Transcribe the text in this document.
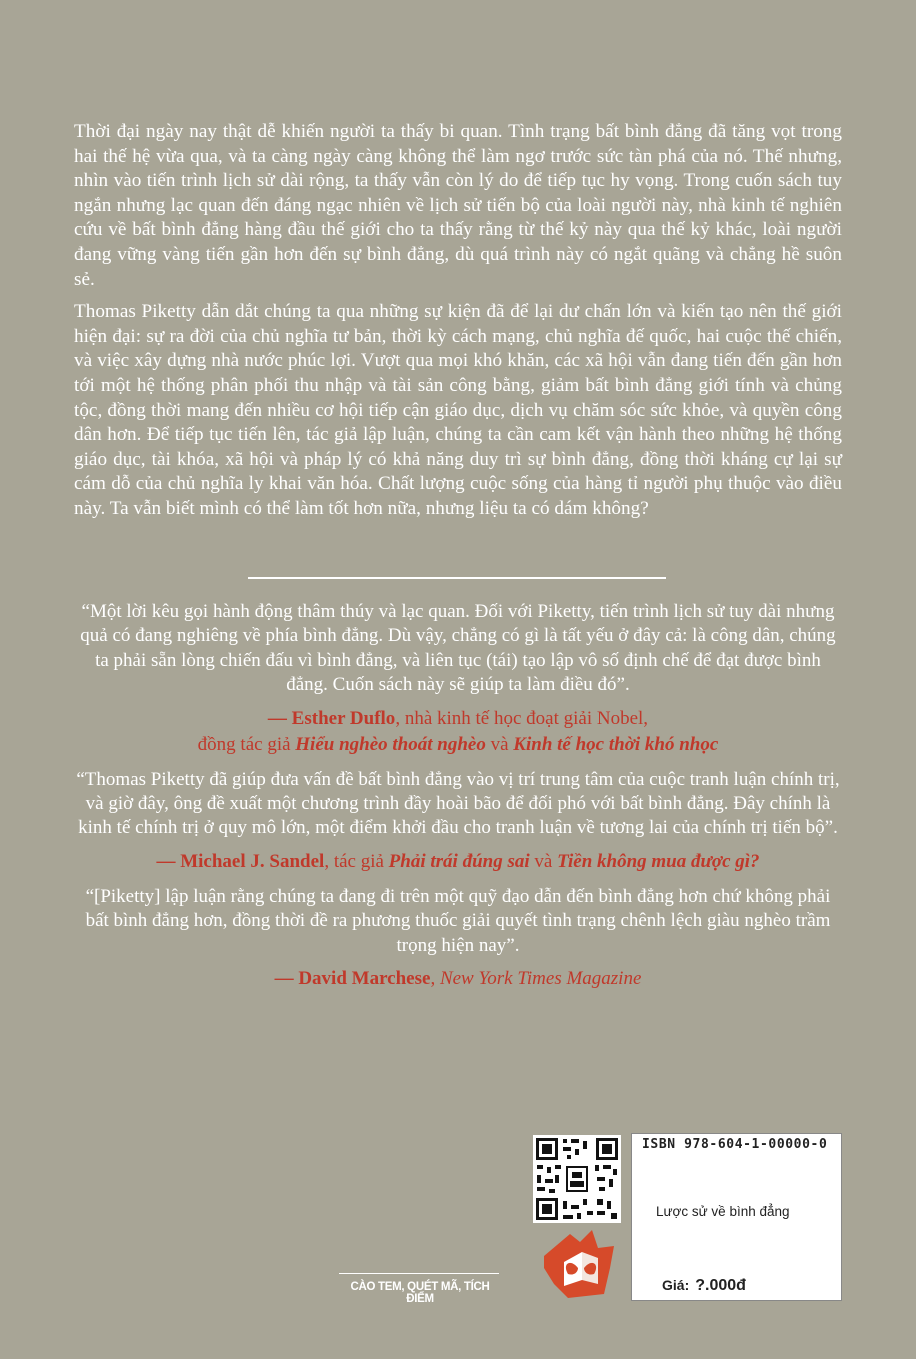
Thời đại ngày nay thật dễ khiến người ta thấy bi quan. Tình trạng bất bình đẳng đã tăng vọt trong hai thế hệ vừa qua, và ta càng ngày càng không thể làm ngơ trước sức tàn phá của nó. Thế nhưng, nhìn vào tiến trình lịch sử dài rộng, ta thấy vẫn còn lý do để tiếp tục hy vọng. Trong cuốn sách tuy ngắn nhưng lạc quan đến đáng ngạc nhiên về lịch sử tiến bộ của loài người này, nhà kinh tế nghiên cứu về bất bình đẳng hàng đầu thế giới cho ta thấy rằng từ thế kỷ này qua thế kỷ khác, loài người đang vững vàng tiến gần hơn đến sự bình đẳng, dù quá trình này có ngắt quãng và chẳng hề suôn sẻ.

Thomas Piketty dẫn dắt chúng ta qua những sự kiện đã để lại dư chấn lớn và kiến tạo nên thế giới hiện đại: sự ra đời của chủ nghĩa tư bản, thời kỳ cách mạng, chủ nghĩa đế quốc, hai cuộc thế chiến, và việc xây dựng nhà nước phúc lợi. Vượt qua mọi khó khăn, các xã hội vẫn đang tiến đến gần hơn tới một hệ thống phân phối thu nhập và tài sản công bằng, giảm bất bình đẳng giới tính và chủng tộc, đồng thời mang đến nhiều cơ hội tiếp cận giáo dục, dịch vụ chăm sóc sức khỏe, và quyền công dân hơn. Để tiếp tục tiến lên, tác giả lập luận, chúng ta cần cam kết vận hành theo những hệ thống giáo dục, tài khóa, xã hội và pháp lý có khả năng duy trì sự bình đẳng, đồng thời kháng cự lại sự cám dỗ của chủ nghĩa ly khai văn hóa. Chất lượng cuộc sống của hàng tỉ người phụ thuộc vào điều này. Ta vẫn biết mình có thể làm tốt hơn nữa, nhưng liệu ta có dám không?

“Một lời kêu gọi hành động thâm thúy và lạc quan. Đối với Piketty, tiến trình lịch sử tuy dài nhưng quả có đang nghiêng về phía bình đẳng. Dù vậy, chẳng có gì là tất yếu ở đây cả: là công dân, chúng ta phải sẵn lòng chiến đấu vì bình đẳng, và liên tục (tái) tạo lập vô số định chế để đạt được bình đẳng. Cuốn sách này sẽ giúp ta làm điều đó”.

— Esther Duflo, nhà kinh tế học đoạt giải Nobel,
đồng tác giả Hiểu nghèo thoát nghèo và Kinh tế học thời khó nhọc

“Thomas Piketty đã giúp đưa vấn đề bất bình đẳng vào vị trí trung tâm của cuộc tranh luận chính trị, và giờ đây, ông đề xuất một chương trình đầy hoài bão để đối phó với bất bình đẳng. Đây chính là kinh tế chính trị ở quy mô lớn, một điểm khởi đầu cho tranh luận về tương lai của chính trị tiến bộ”.

— Michael J. Sandel, tác giả Phải trái đúng sai và Tiền không mua được gì?

“[Piketty] lập luận rằng chúng ta đang đi trên một quỹ đạo dẫn đến bình đẳng hơn chứ không phải bất bình đẳng hơn, đồng thời đề ra phương thuốc giải quyết tình trạng chênh lệch giàu nghèo trầm trọng hiện nay”.

— David Marchese, New York Times Magazine
CÀO TEM, QUÉT MÃ, TÍCH ĐIỂM
ISBN 978-604-1-00000-0
Lược sử về bình đẳng
Giá: ?.000đ
